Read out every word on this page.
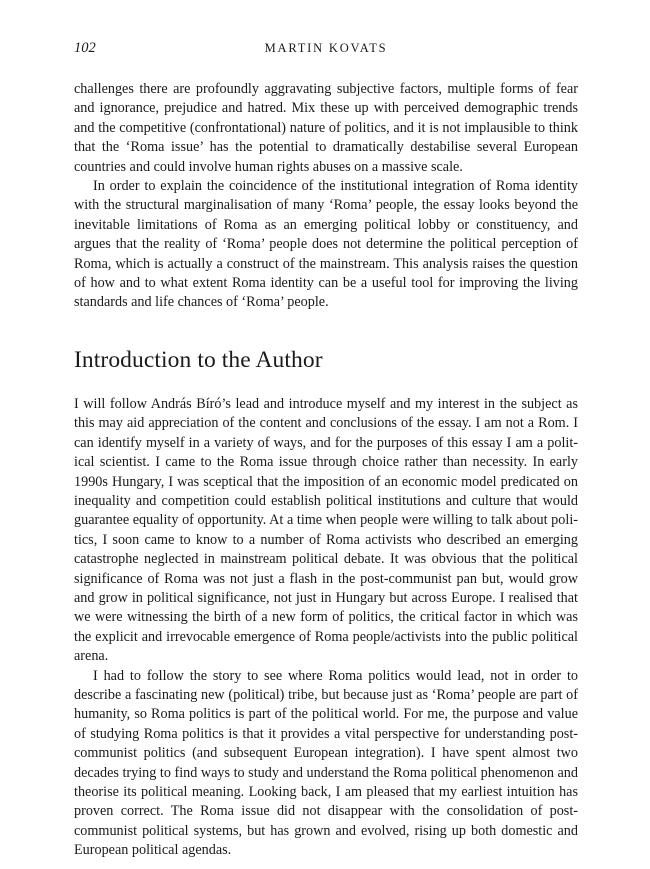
102	MARTIN KOVATS

challenges there are profoundly aggravating subjective factors, multiple forms of fear and ignorance, prejudice and hatred. Mix these up with perceived demographic trends and the competitive (confrontational) nature of politics, and it is not implausible to think that the ‘Roma issue’ has the potential to dramatically destabilise several European countries and could involve human rights abuses on a massive scale.

In order to explain the coincidence of the institutional integration of Roma identity with the structural marginalisation of many ‘Roma’ people, the essay looks beyond the inevitable limitations of Roma as an emerging political lobby or constituency, and argues that the reality of ‘Roma’ people does not determine the political perception of Roma, which is actually a construct of the mainstream. This analysis raises the question of how and to what extent Roma identity can be a useful tool for improving the living standards and life chances of ‘Roma’ people.

Introduction to the Author

I will follow András Bíró’s lead and introduce myself and my interest in the subject as this may aid appreciation of the content and conclusions of the essay. I am not a Rom. I can identify myself in a variety of ways, and for the purposes of this essay I am a political scientist. I came to the Roma issue through choice rather than necessity. In early 1990s Hungary, I was sceptical that the imposition of an economic model predicated on inequality and competition could establish political institutions and culture that would guarantee equality of opportunity. At a time when people were willing to talk about politics, I soon came to know to a number of Roma activists who described an emerging catastrophe neglected in mainstream political debate. It was obvious that the political significance of Roma was not just a flash in the post-communist pan but, would grow and grow in political significance, not just in Hungary but across Europe. I realised that we were witnessing the birth of a new form of politics, the critical factor in which was the explicit and irrevocable emergence of Roma people/activists into the public political arena.

I had to follow the story to see where Roma politics would lead, not in order to describe a fascinating new (political) tribe, but because just as ‘Roma’ people are part of humanity, so Roma politics is part of the political world. For me, the purpose and value of studying Roma politics is that it provides a vital perspective for understanding post-communist politics (and subsequent European integration). I have spent almost two decades trying to find ways to study and understand the Roma political phenomenon and theorise its political meaning. Looking back, I am pleased that my earliest intuition has proven correct. The Roma issue did not disappear with the consolidation of post-communist political systems, but has grown and evolved, rising up both domestic and European political agendas.
